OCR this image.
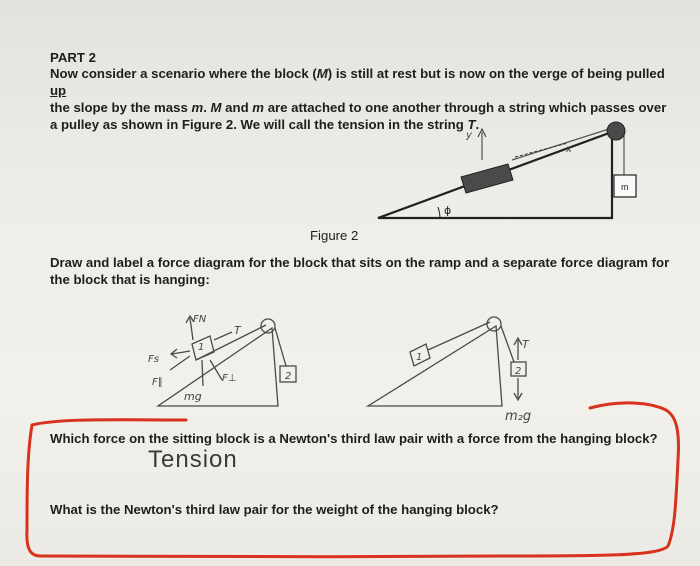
PART 2
Now consider a scenario where the block (M) is still at rest but is now on the verge of being pulled up
the slope by the mass m. M and m are attached to one another through a string which passes over a pulley as shown in Figure 2. We will call the tension in the string T.
x
y
m
ϕ
1
2
FN
T
Fs
F∥	F⊥
mg
1
2
T
m₂g
Figure 2
Draw and label a force diagram for the block that sits on the ramp and a separate force diagram for the block that is hanging:
Which force on the sitting block is a Newton's third law pair with a force from the hanging block?
Tension
What is the Newton's third law pair for the weight of the hanging block?
